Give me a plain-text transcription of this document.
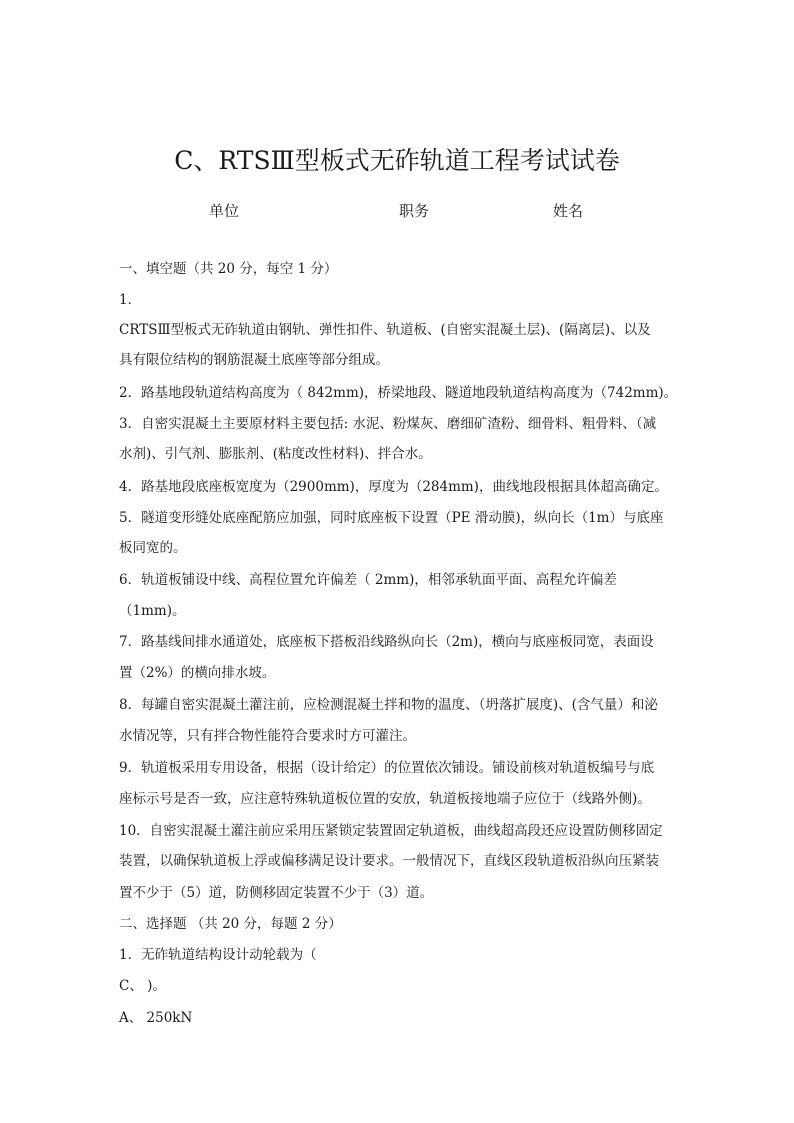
C、RTSⅢ型板式无砟轨道工程考试试卷
单位	职务	姓名
一、填空题（共 20 分，每空 1 分）
1．
CRTSⅢ型板式无砟轨道由钢轨、弹性扣件、轨道板、(自密实混凝土层)、(隔离层)、以及
具有限位结构的钢筋混凝土底座等部分组成。
2．路基地段轨道结构高度为（ 842mm)，桥梁地段、隧道地段轨道结构高度为（742mm)。
3．自密实混凝土主要原材料主要包括: 水泥、粉煤灰、磨细矿渣粉、细骨料、粗骨料、（减
水剂)、引气剂、膨胀剂、(粘度改性材料)、拌合水。
4．路基地段底座板宽度为（2900mm)，厚度为（284mm)，曲线地段根据具体超高确定。
5．隧道变形缝处底座配筋应加强，同时底座板下设置（PE 滑动膜)，纵向长（1m）与底座
板同宽的。
6．轨道板铺设中线、高程位置允许偏差（ 2mm)，相邻承轨面平面、高程允许偏差
（1mm)。
7．路基线间排水通道处，底座板下搭板沿线路纵向长（2m)，横向与底座板同宽，表面设
置（2%）的横向排水坡。
8．每罐自密实混凝土灌注前，应检测混凝土拌和物的温度、（坍落扩展度)、(含气量）和泌
水情况等，只有拌合物性能符合要求时方可灌注。
9．轨道板采用专用设备，根据（设计给定）的位置依次铺设。铺设前核对轨道板编号与底
座标示号是否一致，应注意特殊轨道板位置的安放，轨道板接地端子应位于（线路外侧)。
10．自密实混凝土灌注前应采用压紧锁定装置固定轨道板，曲线超高段还应设置防侧移固定
装置，以确保轨道板上浮或偏移满足设计要求。一般情况下，直线区段轨道板沿纵向压紧装
置不少于（5）道，防侧移固定装置不少于（3）道。
二、选择题 （共 20 分，每题 2 分）
1．无砟轨道结构设计动轮载为（
C、 )。
A、 250kN
